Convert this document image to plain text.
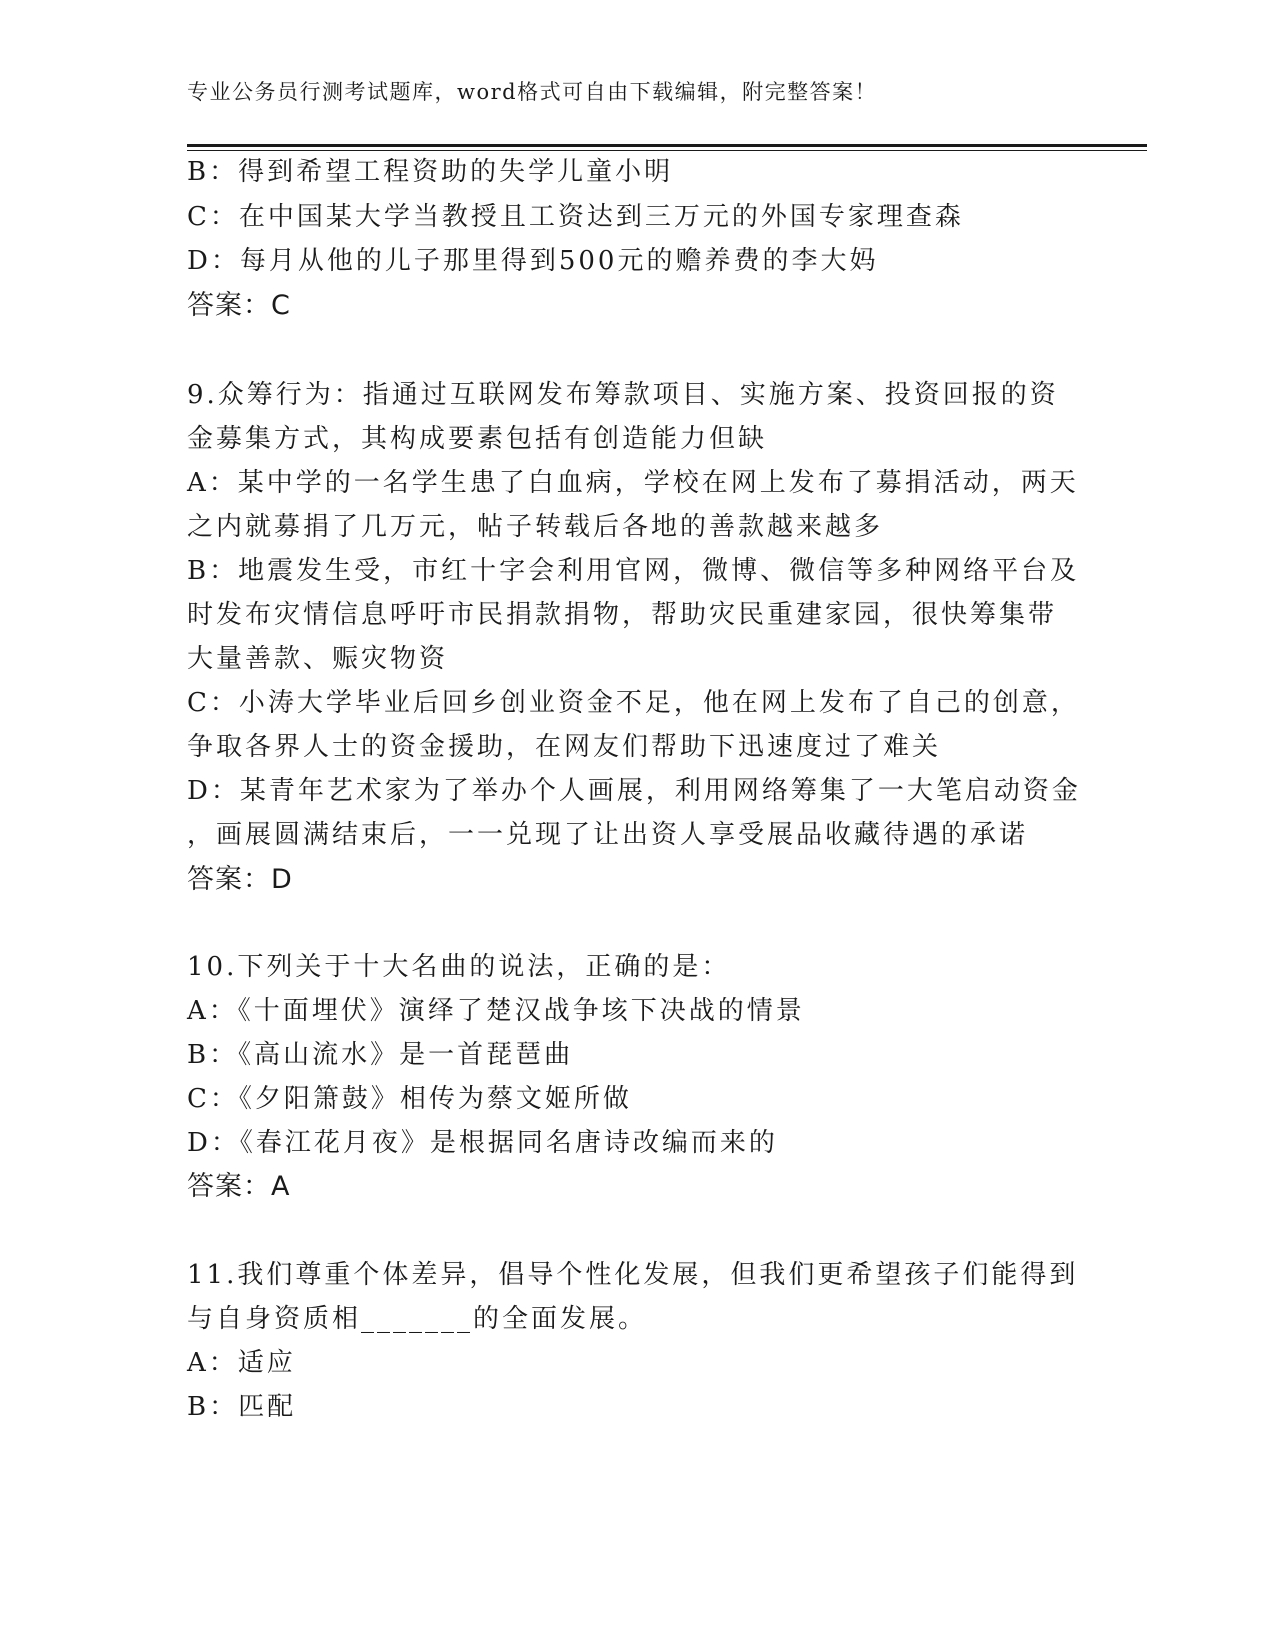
专业公务员行测考试题库，word格式可自由下载编辑，附完整答案！
B：得到希望工程资助的失学儿童小明
C：在中国某大学当教授且工资达到三万元的外国专家理查森
D：每月从他的儿子那里得到500元的赡养费的李大妈
答案：C
9.众筹行为：指通过互联网发布筹款项目、实施方案、投资回报的资
金募集方式，其构成要素包括有创造能力但缺
A：某中学的一名学生患了白血病，学校在网上发布了募捐活动，两天
之内就募捐了几万元，帖子转载后各地的善款越来越多
B：地震发生受，市红十字会利用官网，微博、微信等多种网络平台及
时发布灾情信息呼吁市民捐款捐物，帮助灾民重建家园，很快筹集带
大量善款、赈灾物资
C：小涛大学毕业后回乡创业资金不足，他在网上发布了自己的创意，
争取各界人士的资金援助，在网友们帮助下迅速度过了难关
D：某青年艺术家为了举办个人画展，利用网络筹集了一大笔启动资金
，画展圆满结束后，一一兑现了让出资人享受展品收藏待遇的承诺
答案：D
10.下列关于十大名曲的说法，正确的是：
A：《十面埋伏》演绎了楚汉战争垓下决战的情景
B：《高山流水》是一首琵琶曲
C：《夕阳箫鼓》相传为蔡文姬所做
D：《春江花月夜》是根据同名唐诗改编而来的
答案：A
11.我们尊重个体差异，倡导个性化发展，但我们更希望孩子们能得到
与自身资质相_______的全面发展。
A：适应
B：匹配
